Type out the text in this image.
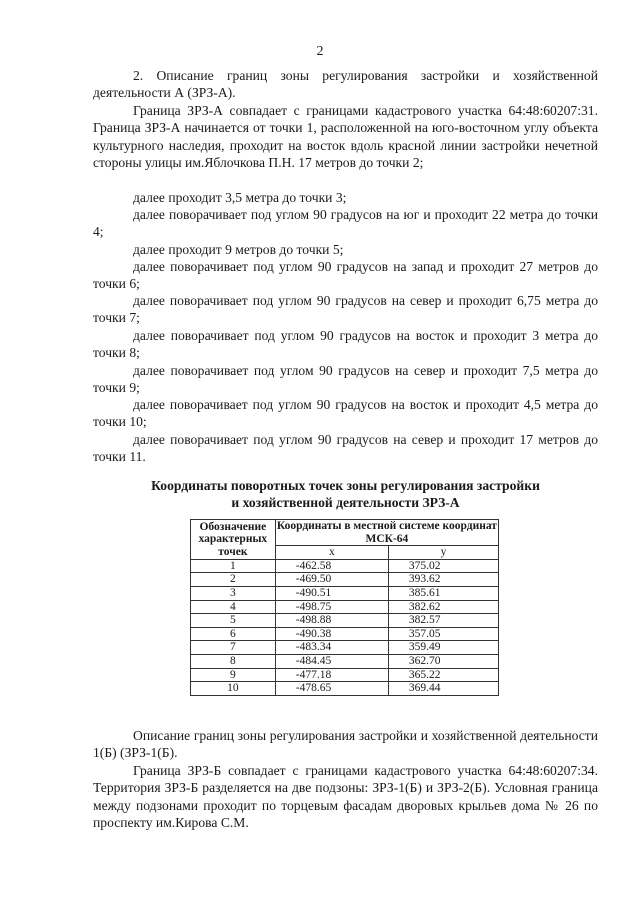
2

2. Описание границ зоны регулирования застройки и хозяйственной деятельности А (ЗРЗ-А).

Граница ЗРЗ-А совпадает с границами кадастрового участка 64:48:60207:31. Граница ЗРЗ-А начинается от точки 1, расположенной на юго-восточном углу объекта культурного наследия, проходит на восток вдоль красной линии застройки нечетной стороны улицы им.Яблочкова П.Н. 17 метров до точки 2;

далее проходит 3,5 метра до точки 3;

далее поворачивает под углом 90 градусов на юг и проходит 22 метра до точки 4;

далее проходит 9 метров до точки 5;

далее поворачивает под углом 90 градусов на запад и проходит 27 метров до точки 6;

далее поворачивает под углом 90 градусов на север и проходит 6,75 метра до точки 7;

далее поворачивает под углом 90 градусов на восток и проходит 3 метра до точки 8;

далее поворачивает под углом 90 градусов на север и проходит 7,5 метра до точки 9;

далее поворачивает под углом 90 градусов на восток и проходит 4,5 метра до точки 10;

далее поворачивает под углом 90 градусов на север и проходит 17 метров до точки 11.

Координаты поворотных точек зоны регулирования застройки
и хозяйственной деятельности ЗРЗ-А
Обозначение характерных точек	Координаты в местной системе координат МСК-64	
	x	y
1	-462.58	375.02
2	-469.50	393.62
3	-490.51	385.61
4	-498.75	382.62
5	-498.88	382.57
6	-490.38	357.05
7	-483.34	359.49
8	-484.45	362.70
9	-477.18	365.22
10	-478.65	369.44

Описание границ зоны регулирования застройки и хозяйственной деятельности 1(Б) (ЗРЗ-1(Б).

Граница ЗРЗ-Б совпадает с границами кадастрового участка 64:48:60207:34. Территория ЗРЗ-Б разделяется на две подзоны: ЗРЗ-1(Б) и ЗРЗ-2(Б). Условная граница между подзонами проходит по торцевым фасадам дворовых крыльев дома № 26 по проспекту им.Кирова С.М.
